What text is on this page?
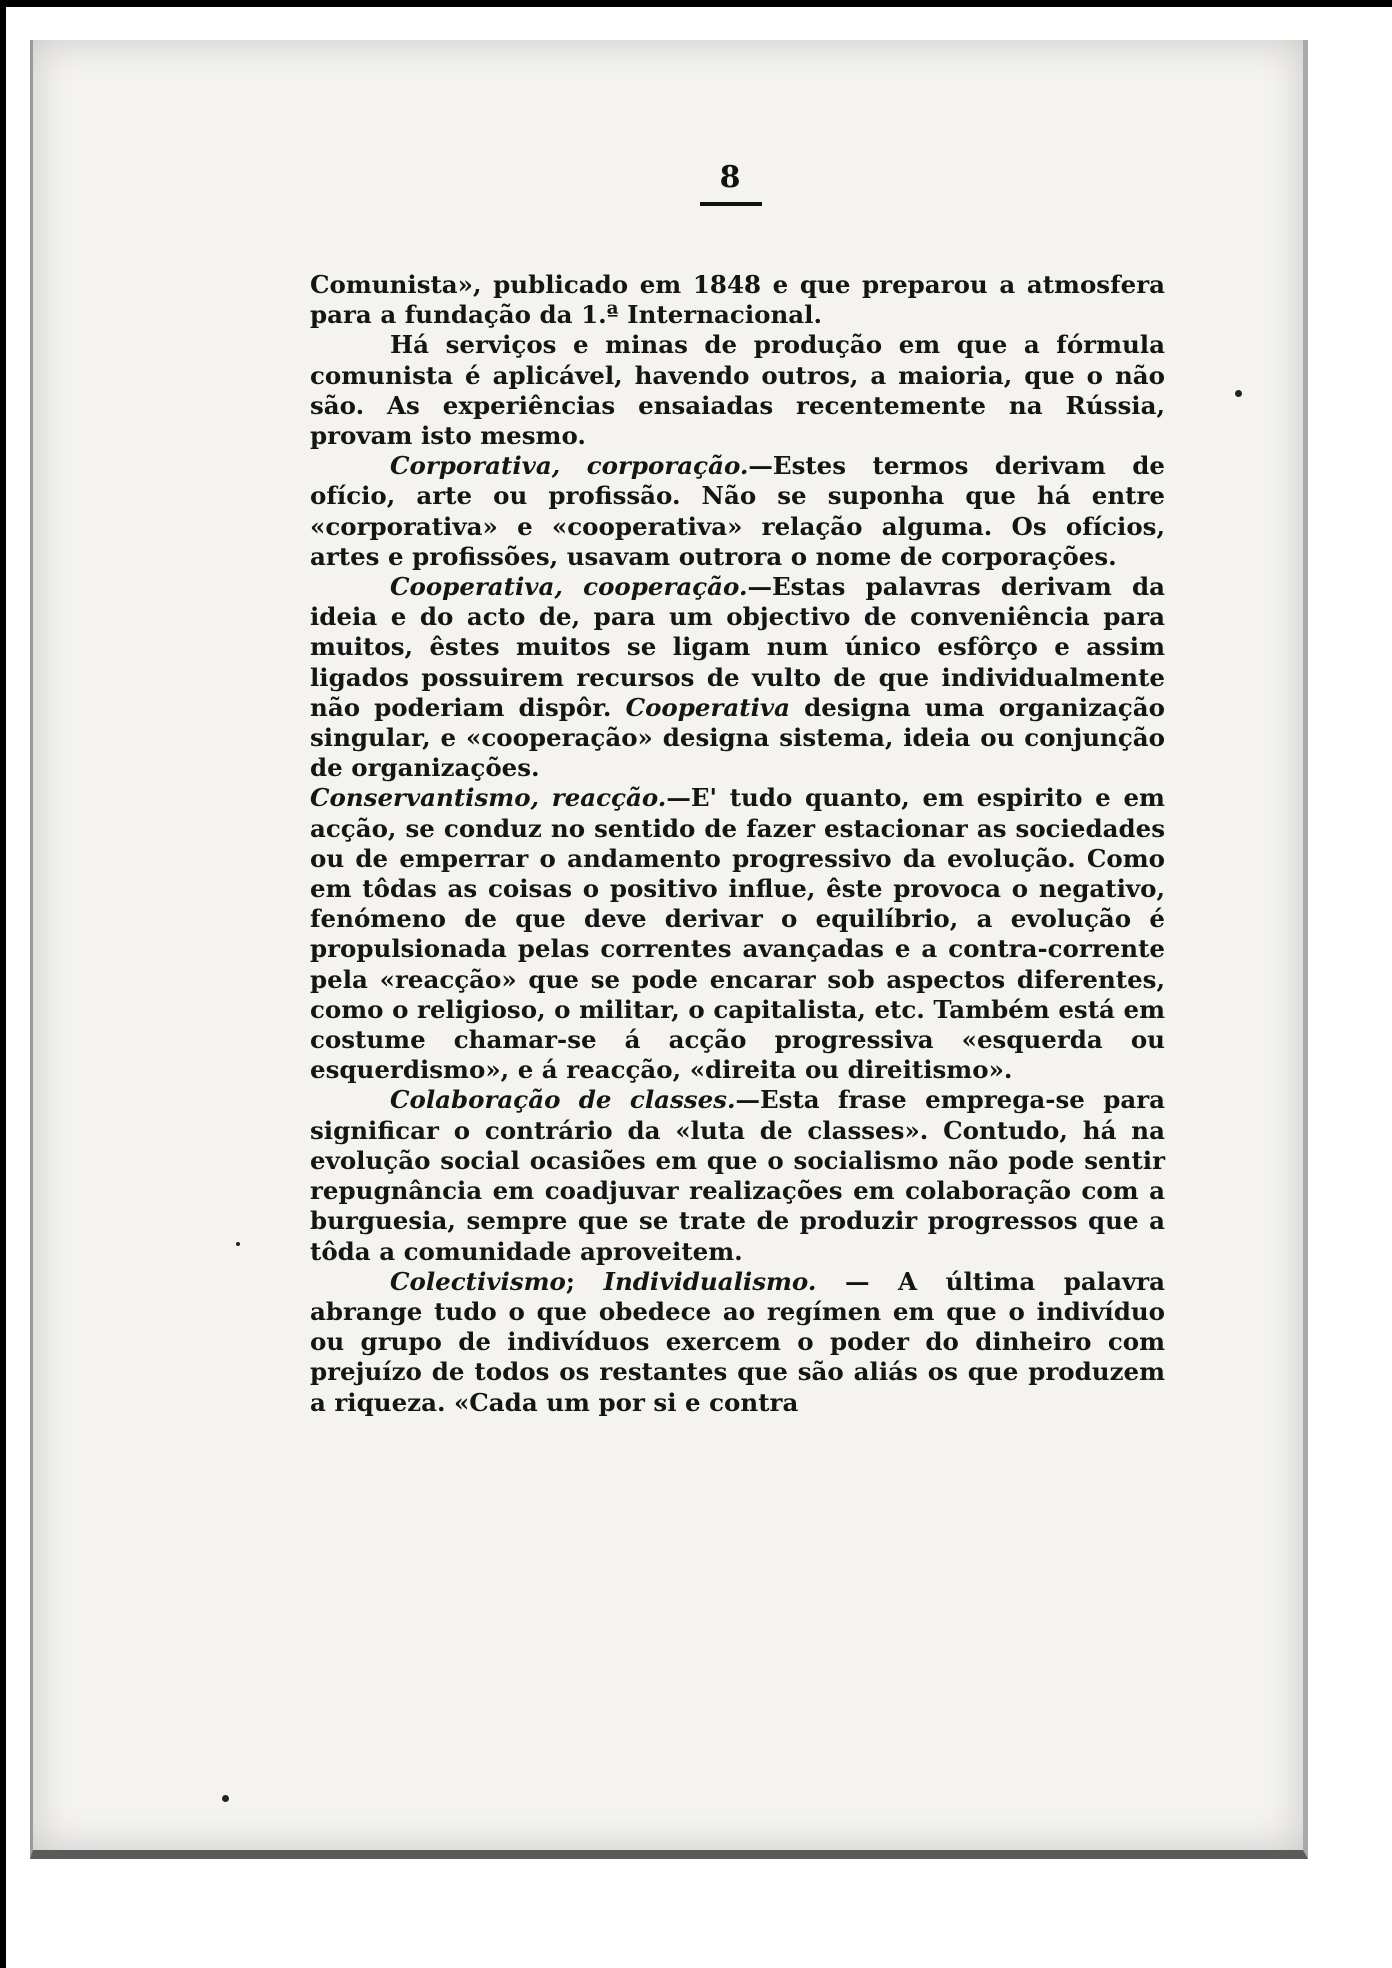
8

Comunista», publicado em 1848 e que preparou a atmosfera para a fundação da 1.ª Internacional.

Há serviços e minas de produção em que a fórmula comunista é aplicável, havendo outros, a maioria, que o não são. As experiências ensaiadas recentemente na Rússia, provam isto mesmo.

Corporativa, corporação.—Estes termos derivam de ofício, arte ou profissão. Não se suponha que há entre «corporativa» e «cooperativa» relação alguma. Os ofícios, artes e profissões, usavam outrora o nome de corporações.

Cooperativa, cooperação.—Estas palavras derivam da ideia e do acto de, para um objectivo de conveniência para muitos, êstes muitos se ligam num único esfôrço e assim ligados possuirem recursos de vulto de que individualmente não poderiam dispôr. Cooperativa designa uma organização singular, e «cooperação» designa sistema, ideia ou conjunção de organizações.

Conservantismo, reacção.—E' tudo quanto, em espirito e em acção, se conduz no sentido de fazer estacionar as sociedades ou de emperrar o andamento progressivo da evolução. Como em tôdas as coisas o positivo influe, êste provoca o negativo, fenómeno de que deve derivar o equilíbrio, a evolução é propulsionada pelas correntes avançadas e a contra-corrente pela «reacção» que se pode encarar sob aspectos diferentes, como o religioso, o militar, o capitalista, etc. Também está em costume chamar-se á acção progressiva «esquerda ou esquerdismo», e á reacção, «direita ou direitismo».

Colaboração de classes.—Esta frase emprega-se para significar o contrário da «luta de classes». Contudo, há na evolução social ocasiões em que o socialismo não pode sentir repugnância em coadjuvar realizações em colaboração com a burguesia, sempre que se trate de produzir progressos que a tôda a comunidade aproveitem.

Colectivismo; Individualismo. — A última palavra abrange tudo o que obedece ao regímen em que o indivíduo ou grupo de indivíduos exercem o poder do dinheiro com prejuízo de todos os restantes que são aliás os que produzem a riqueza. «Cada um por si e contra
